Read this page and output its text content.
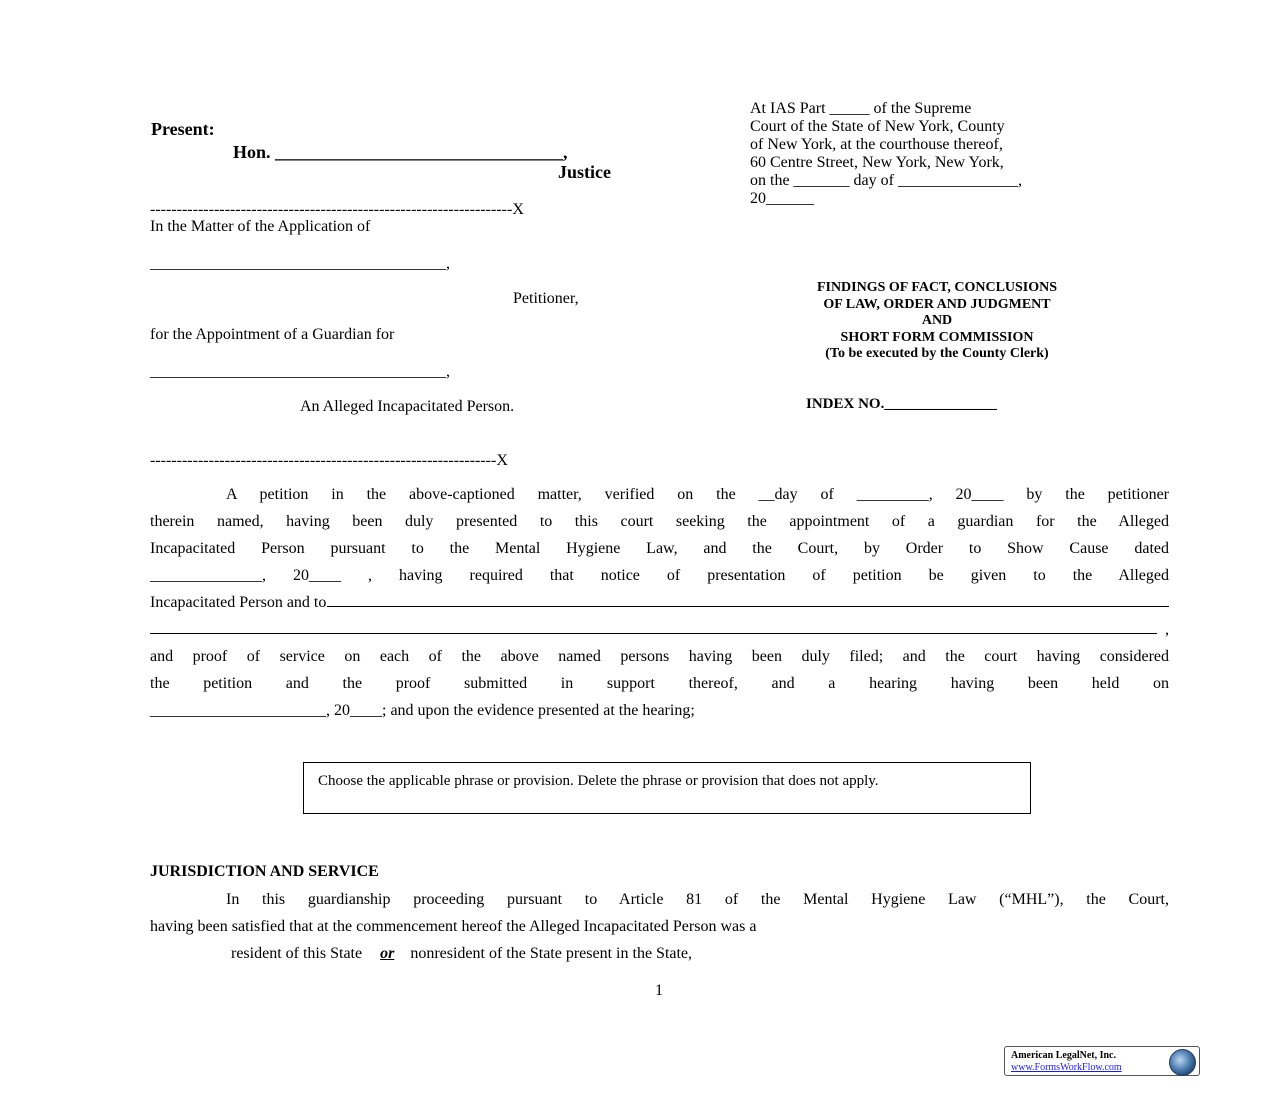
Present:
Hon. ________________________________,
Justice
--------------------------------------------------------------------X
In the Matter of the Application of
_____________________________________,
Petitioner,
for the Appointment of a Guardian for
_____________________________________,
An Alleged Incapacitated Person.
-----------------------------------------------------------------X
At IAS Part _____ of the Supreme
Court of the State of New York, County
of New York, at the courthouse thereof,
60 Centre Street, New York, New York,
on the _______ day of _______________,
20______
FINDINGS OF FACT, CONCLUSIONS
OF LAW, ORDER AND JUDGMENT
AND
SHORT FORM COMMISSION
(To be executed by the County Clerk)
INDEX NO._______________
A petition in the above-captioned matter, verified on the __day of _________, 20____ by the petitioner
therein named, having been duly presented to this court seeking the appointment of a guardian for the Alleged
Incapacitated Person pursuant to the Mental Hygiene Law, and the Court, by Order to Show Cause dated
______________, 20____ , having required that notice of presentation of petition be given to the Alleged
Incapacitated Person and to
,
and proof of service on each of the above named persons having been duly filed; and the court having considered
the petition and the proof submitted in support thereof, and a hearing having been held on
______________________, 20____; and upon the evidence presented at the hearing;
Choose the applicable phrase or provision. Delete the phrase or provision that does not apply.
JURISDICTION AND SERVICE
In this guardianship proceeding pursuant to Article 81 of the Mental Hygiene Law (“MHL”), the Court,
having been satisfied that at the commencement hereof the Alleged Incapacitated Person was a
resident of this State or nonresident of the State present in the State,
1
American LegalNet, Inc.
www.FormsWorkFlow.com
